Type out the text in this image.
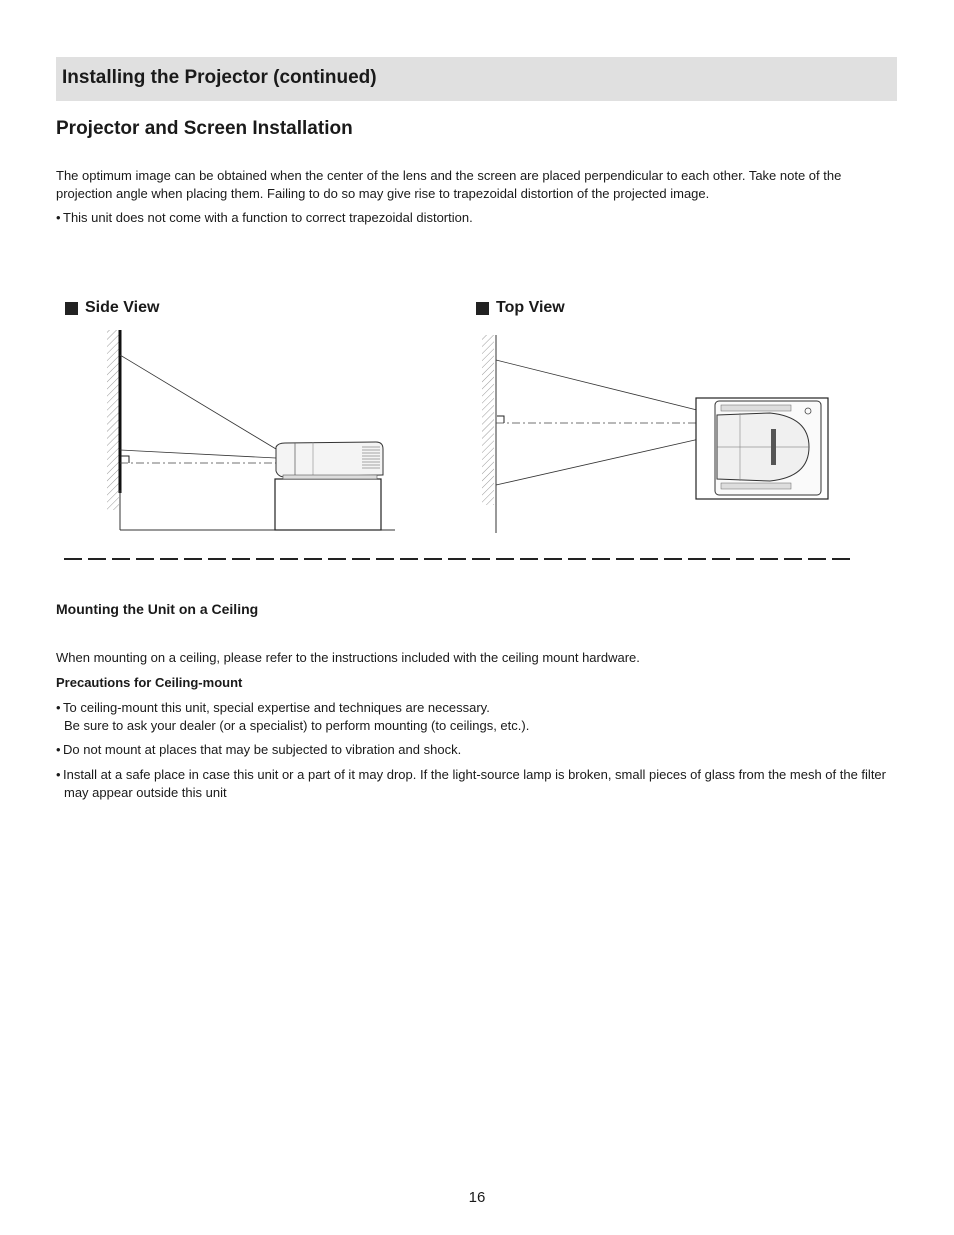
Installing the Projector (continued)
Projector and Screen Installation

The optimum image can be obtained when the center of the lens and the screen are placed perpendicular to each other. Take note of the projection angle when placing them. Failing to do so may give rise to trapezoidal distortion of the projected image.

• This unit does not come with a function to correct trapezoidal distortion.

Side View	Top View
Mounting the Unit on a Ceiling

When mounting on a ceiling, please refer to the instructions included with the ceiling mount hardware.

Precautions for Ceiling-mount

• To ceiling-mount this unit, special expertise and techniques are necessary.
Be sure to ask your dealer (or a specialist) to perform mounting (to ceilings, etc.).

• Do not mount at places that may be subjected to vibration and shock.

• Install at a safe place in case this unit or a part of it may drop. If the light-source lamp is broken, small pieces of glass from the mesh of the filter may appear outside this unit

16
